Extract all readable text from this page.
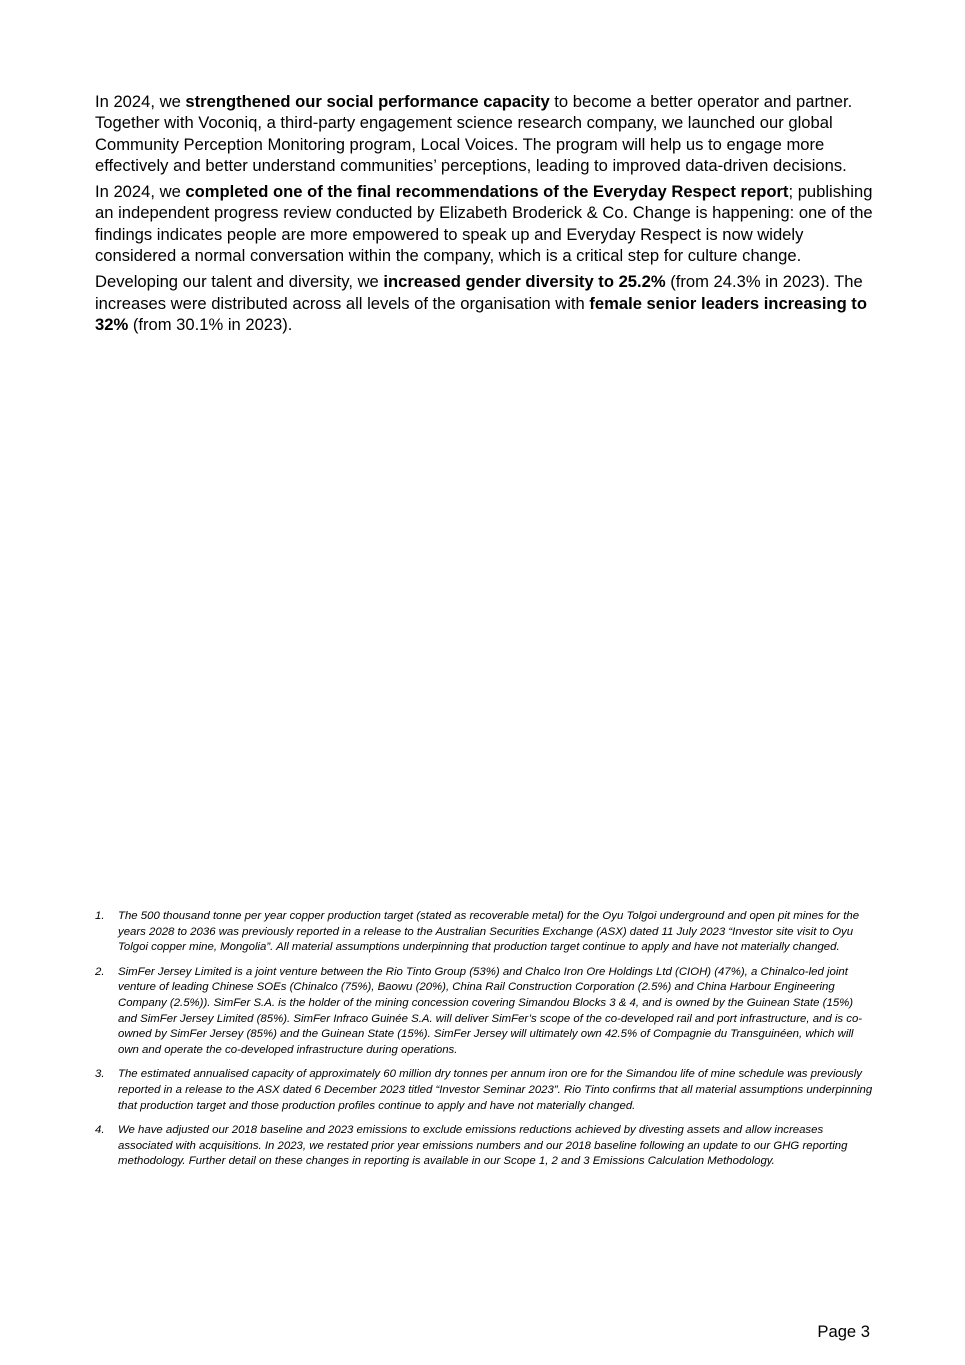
In 2024, we strengthened our social performance capacity to become a better operator and partner. Together with Voconiq, a third-party engagement science research company, we launched our global Community Perception Monitoring program, Local Voices. The program will help us to engage more effectively and better understand communities’ perceptions, leading to improved data-driven decisions.

In 2024, we completed one of the final recommendations of the Everyday Respect report; publishing an independent progress review conducted by Elizabeth Broderick & Co. Change is happening: one of the findings indicates people are more empowered to speak up and Everyday Respect is now widely considered a normal conversation within the company, which is a critical step for culture change.

Developing our talent and diversity, we increased gender diversity to 25.2% (from 24.3% in 2023). The increases were distributed across all levels of the organisation with female senior leaders increasing to 32% (from 30.1% in 2023).

1.	The 500 thousand tonne per year copper production target (stated as recoverable metal) for the Oyu Tolgoi underground and open pit mines for the years 2028 to 2036 was previously reported in a release to the Australian Securities Exchange (ASX) dated 11 July 2023 “Investor site visit to Oyu Tolgoi copper mine, Mongolia”. All material assumptions underpinning that production target continue to apply and have not materially changed.
2.	SimFer Jersey Limited is a joint venture between the Rio Tinto Group (53%) and Chalco Iron Ore Holdings Ltd (CIOH) (47%), a Chinalco-led joint venture of leading Chinese SOEs (Chinalco (75%), Baowu (20%), China Rail Construction Corporation (2.5%) and China Harbour Engineering Company (2.5%)). SimFer S.A. is the holder of the mining concession covering Simandou Blocks 3 & 4, and is owned by the Guinean State (15%) and SimFer Jersey Limited (85%). SimFer Infraco Guinée S.A. will deliver SimFer’s scope of the co-developed rail and port infrastructure, and is co-owned by SimFer Jersey (85%) and the Guinean State (15%). SimFer Jersey will ultimately own 42.5% of Compagnie du Transguinéen, which will own and operate the co-developed infrastructure during operations.
3.	The estimated annualised capacity of approximately 60 million dry tonnes per annum iron ore for the Simandou life of mine schedule was previously reported in a release to the ASX dated 6 December 2023 titled “Investor Seminar 2023”. Rio Tinto confirms that all material assumptions underpinning that production target and those production profiles continue to apply and have not materially changed.
4.	We have adjusted our 2018 baseline and 2023 emissions to exclude emissions reductions achieved by divesting assets and allow increases associated with acquisitions. In 2023, we restated prior year emissions numbers and our 2018 baseline following an update to our GHG reporting methodology. Further detail on these changes in reporting is available in our Scope 1, 2 and 3 Emissions Calculation Methodology.
Page 3
